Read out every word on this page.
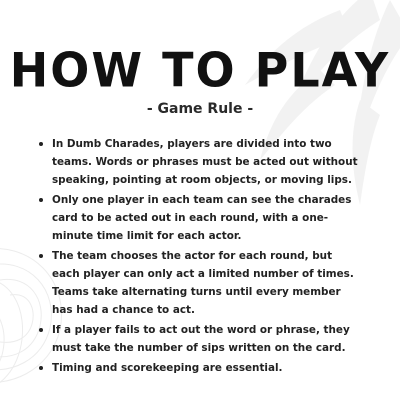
HOW TO PLAY
- Game Rule -
In Dumb Charades, players are divided into two teams. Words or phrases must be acted out without speaking, pointing at room objects, or moving lips.
Only one player in each team can see the charades card to be acted out in each round, with a one-minute time limit for each actor.
The team chooses the actor for each round, but each player can only act a limited number of times. Teams take alternating turns until every member has had a chance to act.
If a player fails to act out the word or phrase, they must take the number of sips written on the card.
Timing and scorekeeping are essential.
